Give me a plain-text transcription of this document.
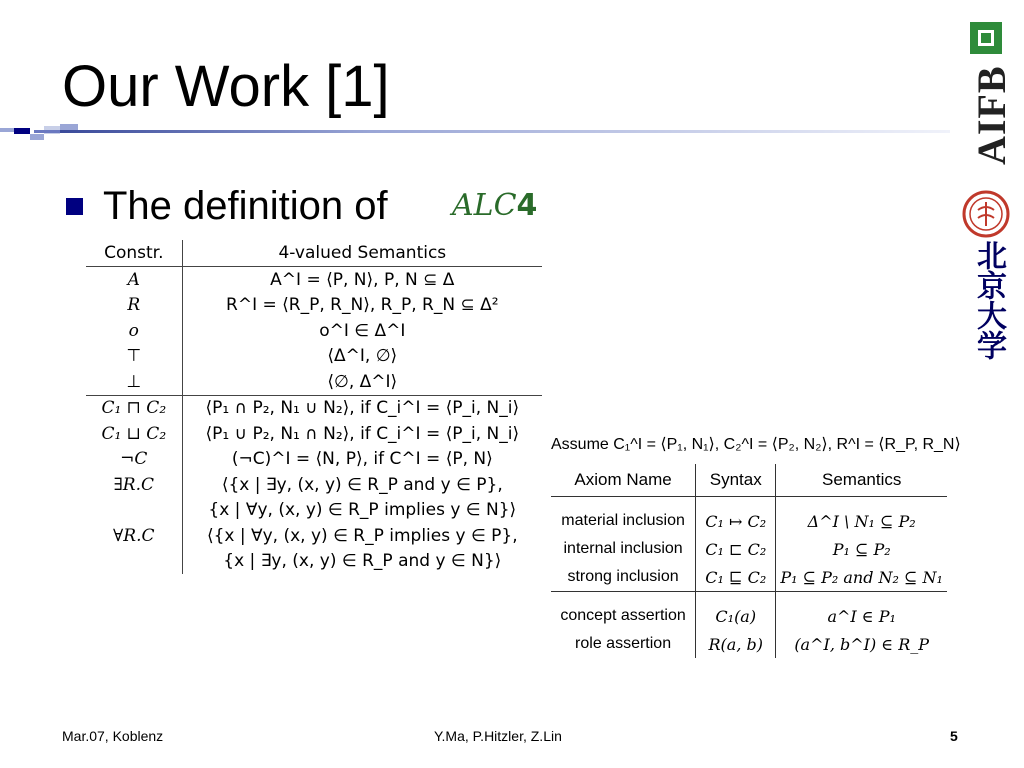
Our Work [1]
The definition of ALC4
Constr.	4-valued Semantics
A	A^I = ⟨P, N⟩, P, N ⊆ Δ
R	R^I = ⟨R_P, R_N⟩, R_P, R_N ⊆ Δ²
o	o^I ∈ Δ^I
⊤	⟨Δ^I, ∅⟩
⊥	⟨∅, Δ^I⟩
C₁ ⊓ C₂	⟨P₁ ∩ P₂, N₁ ∪ N₂⟩, if C_i^I = ⟨P_i, N_i⟩
C₁ ⊔ C₂	⟨P₁ ∪ P₂, N₁ ∩ N₂⟩, if C_i^I = ⟨P_i, N_i⟩
¬C	(¬C)^I = ⟨N, P⟩, if C^I = ⟨P, N⟩
∃R.C	⟨{x | ∃y, (x, y) ∈ R_P and y ∈ P},
	{x | ∀y, (x, y) ∈ R_P implies y ∈ N}⟩
∀R.C	⟨{x | ∀y, (x, y) ∈ R_P implies y ∈ P},
	{x | ∃y, (x, y) ∈ R_P and y ∈ N}⟩
Assume C₁^I = ⟨P₁, N₁⟩, C₂^I = ⟨P₂, N₂⟩, R^I = ⟨R_P, R_N⟩
Axiom Name	Syntax	Semantics

material inclusion	C₁ ↦ C₂	Δ^I \ N₁ ⊆ P₂
internal inclusion	C₁ ⊏ C₂	P₁ ⊆ P₂
strong inclusion	C₁ ⊑ C₂	P₁ ⊆ P₂ and N₂ ⊆ N₁

concept assertion	C₁(a)	a^I ∈ P₁
role assertion	R(a, b)	(a^I, b^I) ∈ R_P
AIFB
北京大学
Mar.07, Koblenz	Y.Ma, P.Hitzler, Z.Lin	5
